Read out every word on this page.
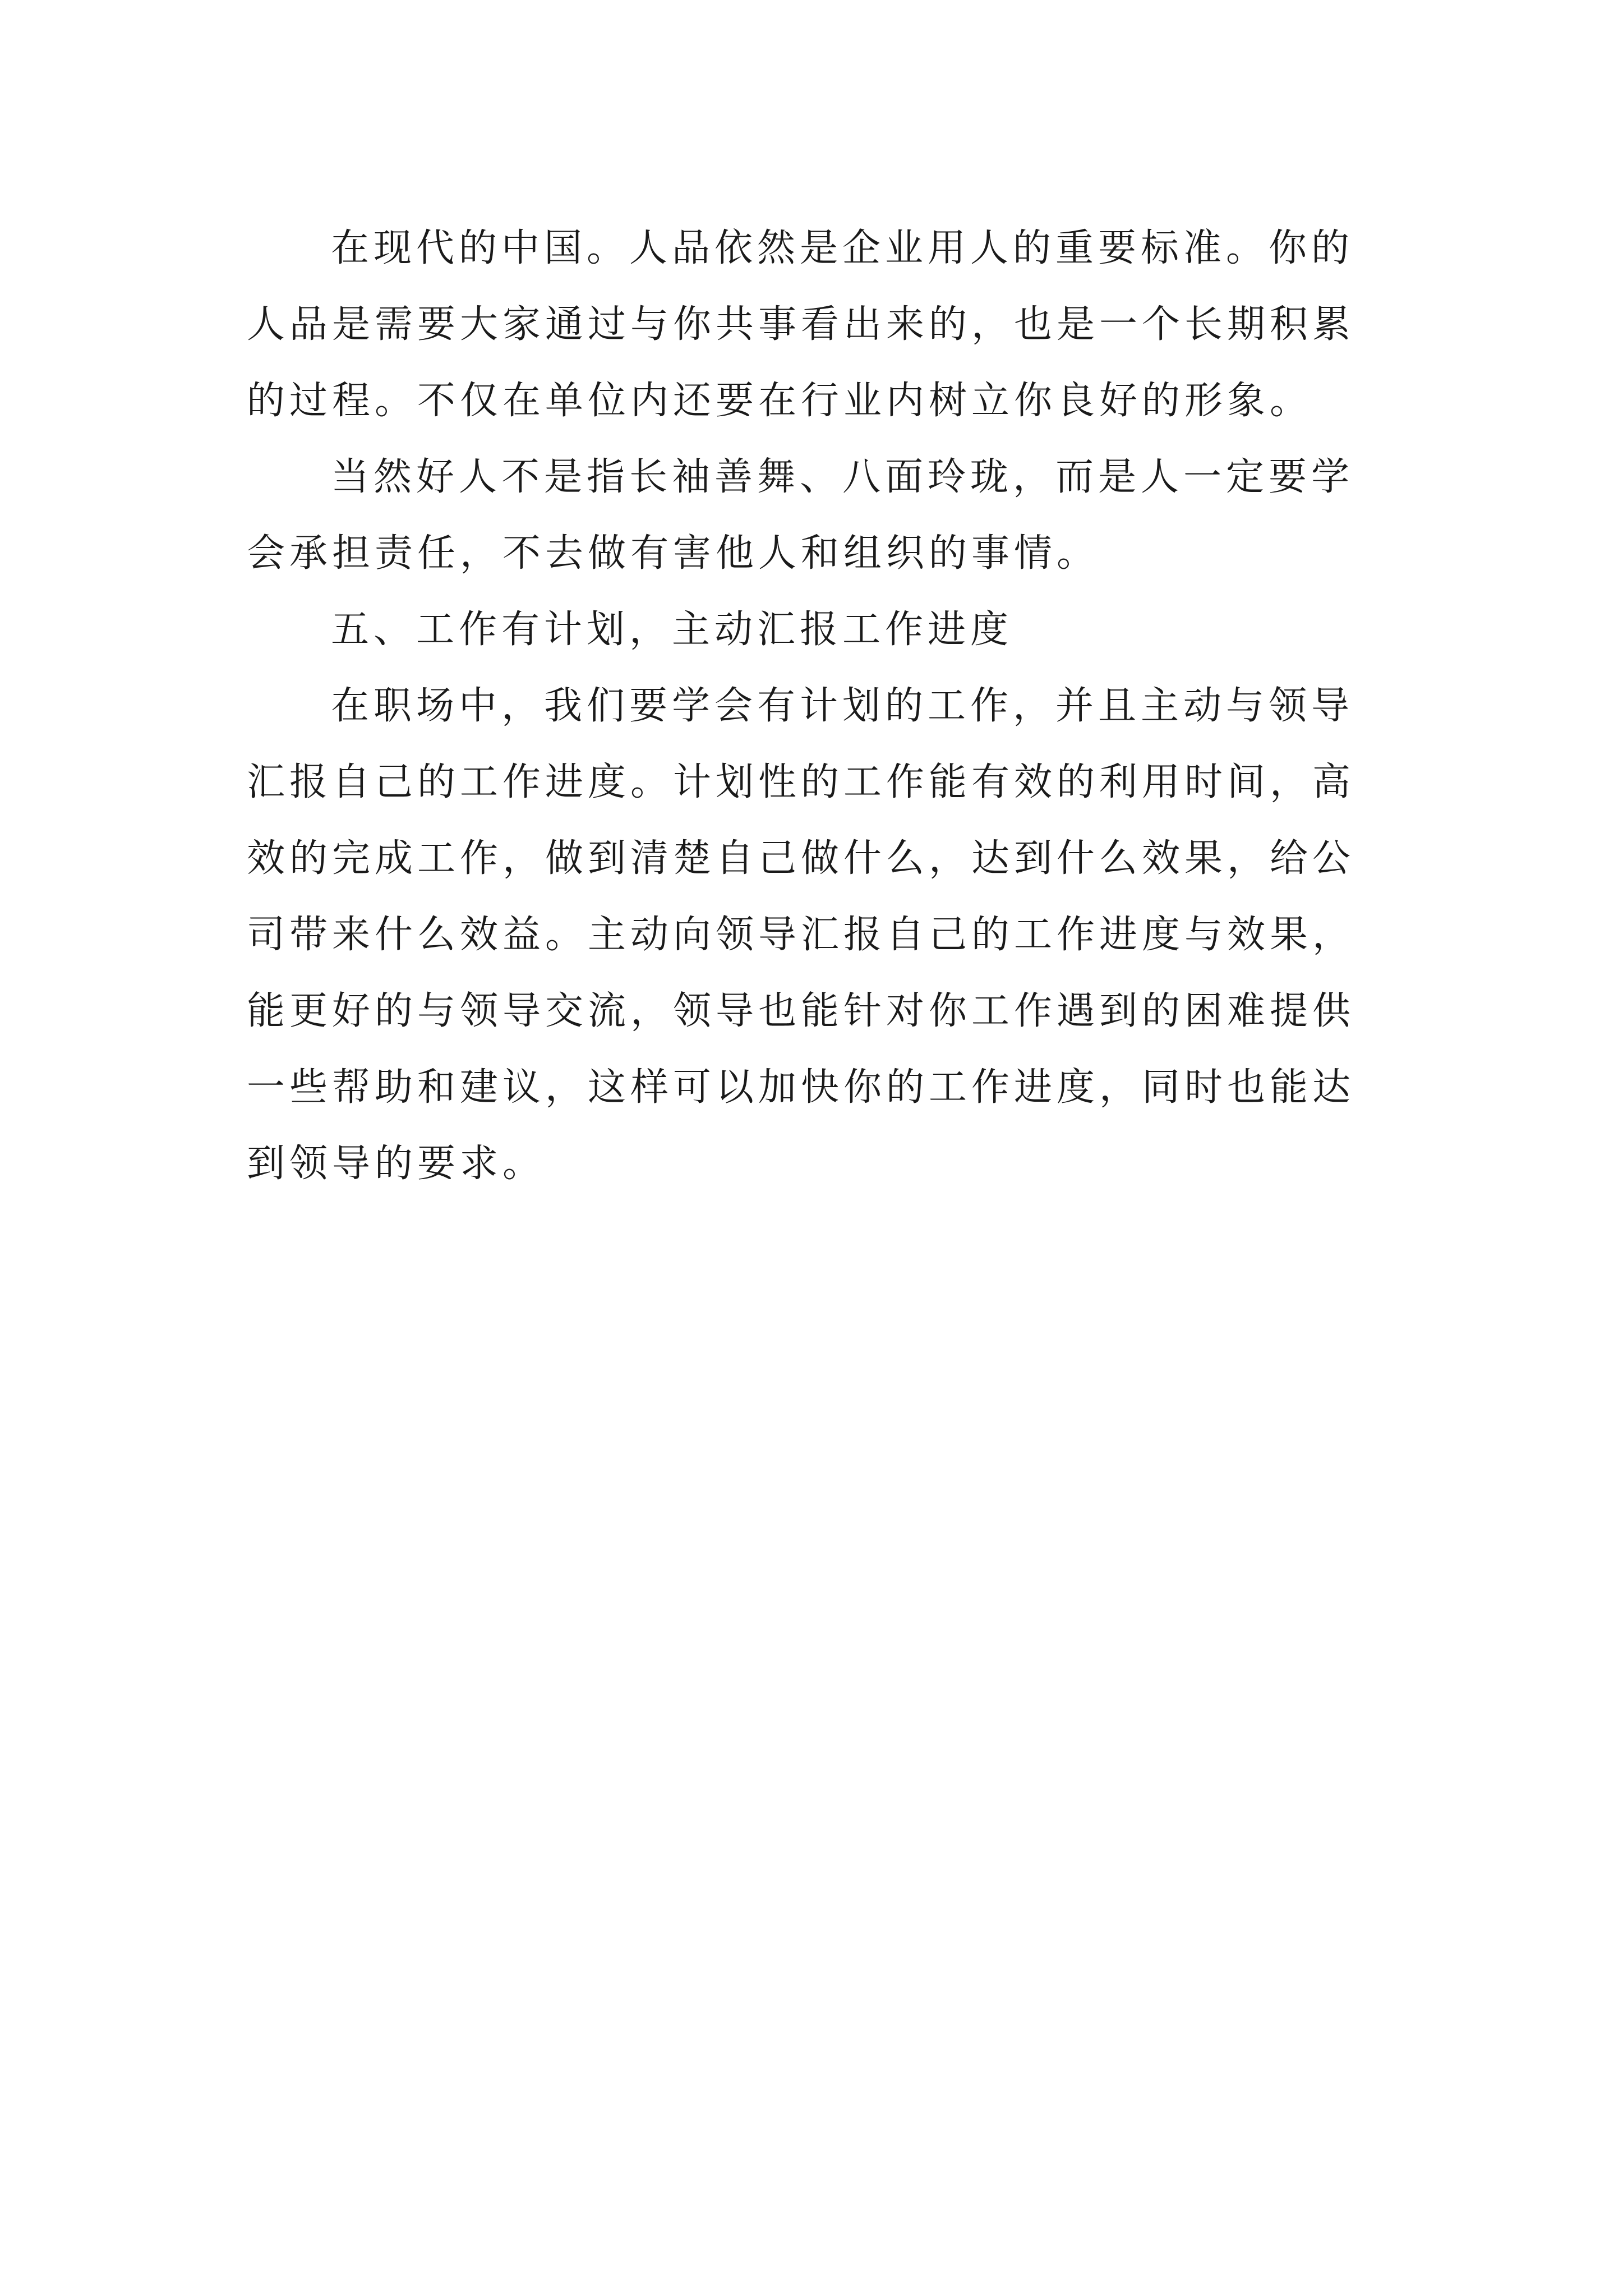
在现代的中国。人品依然是企业用人的重要标准。你的
人品是需要大家通过与你共事看出来的，也是一个长期积累
的过程。不仅在单位内还要在行业内树立你良好的形象。
当然好人不是指长袖善舞、八面玲珑，而是人一定要学
会承担责任，不去做有害他人和组织的事情。
五、工作有计划，主动汇报工作进度
在职场中，我们要学会有计划的工作，并且主动与领导
汇报自己的工作进度。计划性的工作能有效的利用时间，高
效的完成工作，做到清楚自己做什么，达到什么效果，给公
司带来什么效益。主动向领导汇报自己的工作进度与效果，
能更好的与领导交流，领导也能针对你工作遇到的困难提供
一些帮助和建议，这样可以加快你的工作进度，同时也能达
到领导的要求。
